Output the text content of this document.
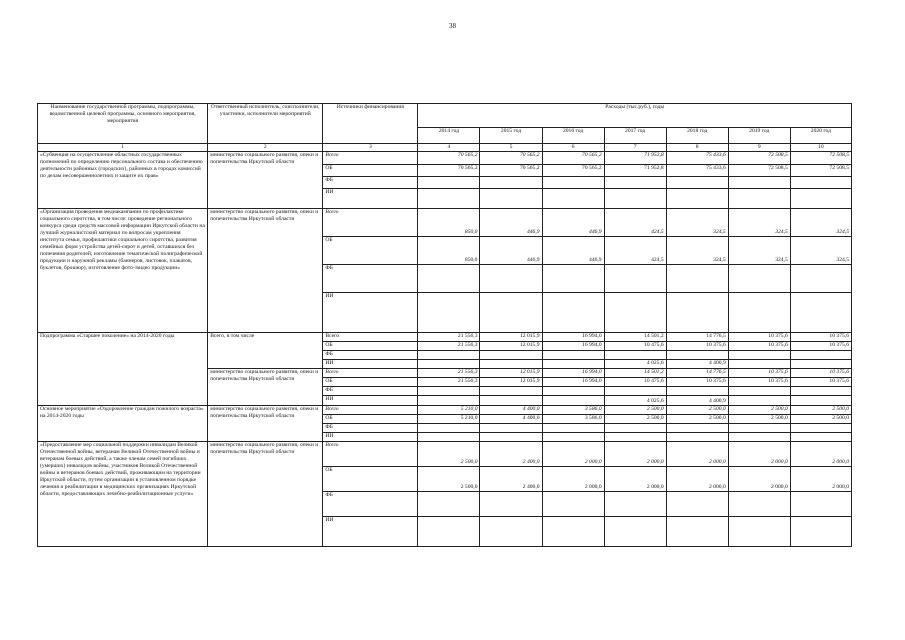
38
Наименование государственной программы, подпрограммы, ведомственной целевой программы, основного мероприятия, мероприятия	Ответственный исполнитель, соисполнители, участники, исполнители мероприятий	Источники финансирования	Расходы (тыс.руб.), годы						
			2014 год	2015 год	2016 год	2017 год	2018 год	2019 год	2020 год
1	2	3	4	5	6	7	8	9	10
«Субвенция на осуществление областных государственных полномочий по определению персонального состава и обеспечению деятельности районных (городских), районных в городах комиссий по делам несовершеннолетних и защите их прав»	министерство социального развития, опеки и попечительства Иркутской области	Всего	70 565,2	70 565,2	70 565,2	71 952,8	75 433,6	72 508,5	72 508,5
		ОБ	70 565,2	70 565,2	70 565,2	71 952,8	75 433,6	72 508,5	72 508,5
		ФБ							
		ИИ							
«Организация проведения медиакампании по профилактике социального сиротства, в том числе: проведение регионального конкурса среди средств массовой информации Иркутской области на лучший журналистский материал по вопросам укрепления института семьи, профилактики социального сиротства, развития семейных форм устройства детей-сирот и детей, оставшихся без попечения родителей; изготовление тематической полиграфической продукции и наружной рекламы (баннеров, листовок, плакатов, буклетов, брошюр), изготовление фото-/видео продукции»	министерство социального развития, опеки и попечительства Иркутской области	Всего	850,0	446,9	446,9	424,5	324,5	324,5	324,5
		ОБ	850,0	446,9	446,9	424,5	324,5	324,5	324,5
		ФБ							
		ИИ							
Подпрограмма «Старшее поколение» на 2014-2020 годы	Всего, в том числе	Всего	21 556,3	12 015,9	16 994,0	14 501,2	14 776,5	10 375,6	10 375,6
		ОБ	21 556,3	12 015,9	16 994,0	10 475,6	10 375,6	10 375,6	10 375,6
		ФБ							
		ИИ				4 025,6	4 400,9		
	министерство социального развития, опеки и попечительства Иркутской области	Всего	21 556,3	12 015,9	16 994,0	14 501,2	14 776,5	10 375,6	10 375,6
		ОБ	21 556,3	12 015,9	16 994,0	10 475,6	10 375,6	10 375,6	10 375,6
		ФБ							
		ИИ				4 025,6	4 400,9		
Основное мероприятие «Оздоровление граждан пожилого возраста» на 2014-2020 годы	министерство социального развития, опеки и попечительства Иркутской области	Всего	5 210,0	4 400,0	3 586,0	2 500,0	2 500,0	2 500,0	2 500,0
		ОБ	5 210,0	4 400,0	3 586,0	2 500,0	2 500,0	2 500,0	2 500,0
		ФБ							
		ИИ							
«Предоставление мер социальной поддержки инвалидам Великой Отечественной войны, ветеранам Великой Отечественной войны и ветеранам боевых действий, а также членам семей погибших (умерших) инвалидов войны, участников Великой Отечественной войны и ветеранов боевых действий, проживающим на территории Иркутской области, путем организации в установленном порядке лечения и реабилитации в медицинских организациях Иркутской области, предоставляющих лечебно-реабилитационные услуги»	министерство социального развития, опеки и попечительства Иркутской области	Всего	2 500,0	2 400,0	2 000,0	2 000,0	2 000,0	2 000,0	2 000,0
		ОБ	2 500,0	2 400,0	2 000,0	2 000,0	2 000,0	2 000,0	2 000,0
		ФБ							
		ИИ							
